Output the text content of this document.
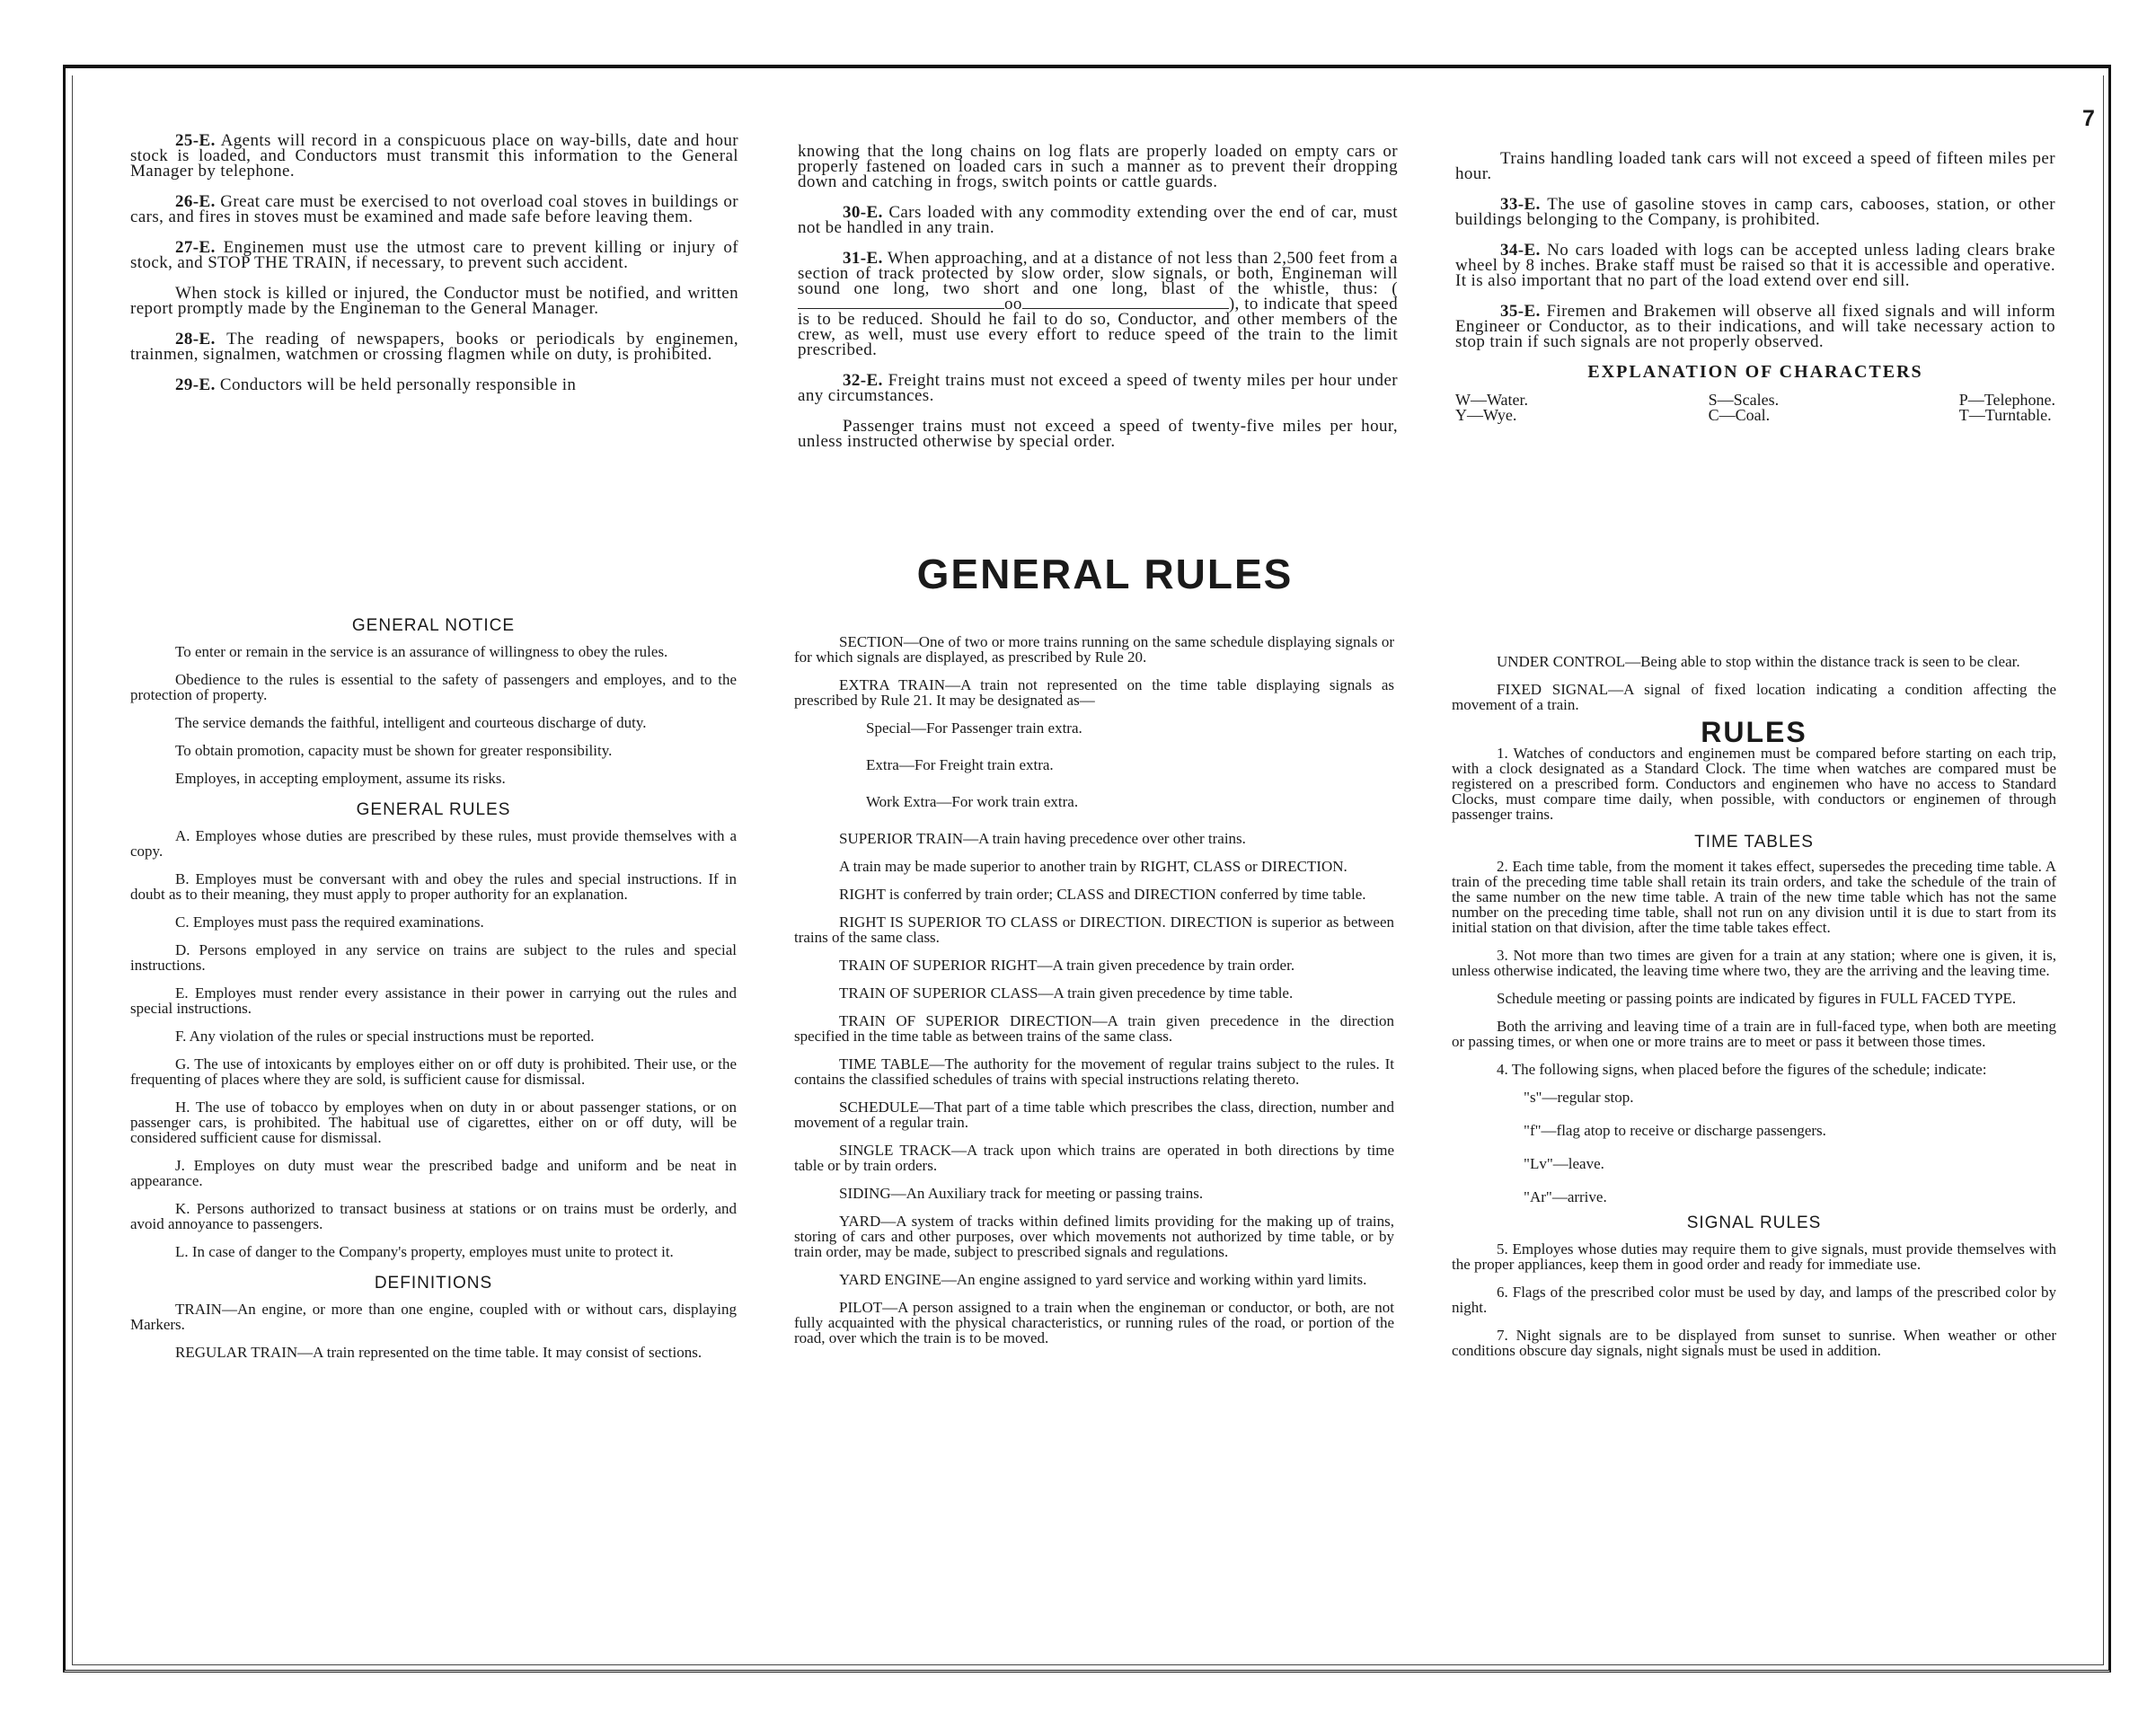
7

25-E. Agents will record in a conspicuous place on way-bills, date and hour stock is loaded, and Conductors must transmit this information to the General Manager by telephone.

26-E. Great care must be exercised to not overload coal stoves in buildings or cars, and fires in stoves must be examined and made safe before leaving them.

27-E. Enginemen must use the utmost care to prevent killing or injury of stock, and STOP THE TRAIN, if necessary, to prevent such accident.

When stock is killed or injured, the Conductor must be notified, and written report promptly made by the Engineman to the General Manager.

28-E. The reading of newspapers, books or periodicals by enginemen, trainmen, signalmen, watchmen or crossing flagmen while on duty, is prohibited.

29-E. Conductors will be held personally responsible in

knowing that the long chains on log flats are properly loaded on empty cars or properly fastened on loaded cars in such a manner as to prevent their dropping down and catching in frogs, switch points or cattle guards.

30-E. Cars loaded with any commodity extending over the end of car, must not be handled in any train.

31-E. When approaching, and at a distance of not less than 2,500 feet from a section of track protected by slow order, slow signals, or both, Engineman will sound one long, two short and one long, blast of the whistle, thus: (oo	), to indicate that speed is to be reduced. Should he fail to do so, Conductor, and other members of the crew, as well, must use every effort to reduce speed of the train to the limit prescribed.

32-E. Freight trains must not exceed a speed of twenty miles per hour under any circumstances.

Passenger trains must not exceed a speed of twenty-five miles per hour, unless instructed otherwise by special order.

Trains handling loaded tank cars will not exceed a speed of fifteen miles per hour.

33-E. The use of gasoline stoves in camp cars, cabooses, station, or other buildings belonging to the Company, is prohibited.

34-E. No cars loaded with logs can be accepted unless lading clears brake wheel by 8 inches. Brake staff must be raised so that it is accessible and operative. It is also important that no part of the load extend over end sill.

35-E. Firemen and Brakemen will observe all fixed signals and will inform Engineer or Conductor, as to their indications, and will take necessary action to stop train if such signals are not properly observed.

EXPLANATION OF CHARACTERS
W—Water.
Y—Wye.
S—Scales.
C—Coal.
P—Telephone.
T—Turntable.
GENERAL RULES
GENERAL NOTICE

To enter or remain in the service is an assurance of willingness to obey the rules.

Obedience to the rules is essential to the safety of passengers and employes, and to the protection of property.

The service demands the faithful, intelligent and courteous discharge of duty.

To obtain promotion, capacity must be shown for greater responsibility.

Employes, in accepting employment, assume its risks.

GENERAL RULES

A. Employes whose duties are prescribed by these rules, must provide themselves with a copy.

B. Employes must be conversant with and obey the rules and special instructions. If in doubt as to their meaning, they must apply to proper authority for an explanation.

C. Employes must pass the required examinations.

D. Persons employed in any service on trains are subject to the rules and special instructions.

E. Employes must render every assistance in their power in carrying out the rules and special instructions.

F. Any violation of the rules or special instructions must be reported.

G. The use of intoxicants by employes either on or off duty is prohibited. Their use, or the frequenting of places where they are sold, is sufficient cause for dismissal.

H. The use of tobacco by employes when on duty in or about passenger stations, or on passenger cars, is prohibited. The habitual use of cigarettes, either on or off duty, will be considered sufficient cause for dismissal.

J. Employes on duty must wear the prescribed badge and uniform and be neat in appearance.

K. Persons authorized to transact business at stations or on trains must be orderly, and avoid annoyance to passengers.

L. In case of danger to the Company's property, employes must unite to protect it.

DEFINITIONS

TRAIN—An engine, or more than one engine, coupled with or without cars, displaying Markers.

REGULAR TRAIN—A train represented on the time table. It may consist of sections.

SECTION—One of two or more trains running on the same schedule displaying signals or for which signals are displayed, as prescribed by Rule 20.

EXTRA TRAIN—A train not represented on the time table displaying signals as prescribed by Rule 21. It may be designated as—

Special—For Passenger train extra.

Extra—For Freight train extra.

Work Extra—For work train extra.

SUPERIOR TRAIN—A train having precedence over other trains.

A train may be made superior to another train by RIGHT, CLASS or DIRECTION.

RIGHT is conferred by train order; CLASS and DIRECTION conferred by time table.

RIGHT IS SUPERIOR TO CLASS or DIRECTION. DIRECTION is superior as between trains of the same class.

TRAIN OF SUPERIOR RIGHT—A train given precedence by train order.

TRAIN OF SUPERIOR CLASS—A train given precedence by time table.

TRAIN OF SUPERIOR DIRECTION—A train given precedence in the direction specified in the time table as between trains of the same class.

TIME TABLE—The authority for the movement of regular trains subject to the rules. It contains the classified schedules of trains with special instructions relating thereto.

SCHEDULE—That part of a time table which prescribes the class, direction, number and movement of a regular train.

SINGLE TRACK—A track upon which trains are operated in both directions by time table or by train orders.

SIDING—An Auxiliary track for meeting or passing trains.

YARD—A system of tracks within defined limits providing for the making up of trains, storing of cars and other purposes, over which movements not authorized by time table, or by train order, may be made, subject to prescribed signals and regulations.

YARD ENGINE—An engine assigned to yard service and working within yard limits.

PILOT—A person assigned to a train when the engineman or conductor, or both, are not fully acquainted with the physical characteristics, or running rules of the road, or portion of the road, over which the train is to be moved.

UNDER CONTROL—Being able to stop within the distance track is seen to be clear.

FIXED SIGNAL—A signal of fixed location indicating a condition affecting the movement of a train.

RULES

1. Watches of conductors and enginemen must be compared before starting on each trip, with a clock designated as a Standard Clock. The time when watches are compared must be registered on a prescribed form. Conductors and enginemen who have no access to Standard Clocks, must compare time daily, when possible, with conductors or enginemen of through passenger trains.

TIME TABLES

2. Each time table, from the moment it takes effect, supersedes the preceding time table. A train of the preceding time table shall retain its train orders, and take the schedule of the train of the same number on the new time table. A train of the new time table which has not the same number on the preceding time table, shall not run on any division until it is due to start from its initial station on that division, after the time table takes effect.

3. Not more than two times are given for a train at any station; where one is given, it is, unless otherwise indicated, the leaving time where two, they are the arriving and the leaving time.

Schedule meeting or passing points are indicated by figures in FULL FACED TYPE.

Both the arriving and leaving time of a train are in full-faced type, when both are meeting or passing times, or when one or more trains are to meet or pass it between those times.

4. The following signs, when placed before the figures of the schedule; indicate:

"s"—regular stop.

"f"—flag atop to receive or discharge passengers.

"Lv"—leave.

"Ar"—arrive.

SIGNAL RULES

5. Employes whose duties may require them to give signals, must provide themselves with the proper appliances, keep them in good order and ready for immediate use.

6. Flags of the prescribed color must be used by day, and lamps of the prescribed color by night.

7. Night signals are to be displayed from sunset to sunrise. When weather or other conditions obscure day signals, night signals must be used in addition.
